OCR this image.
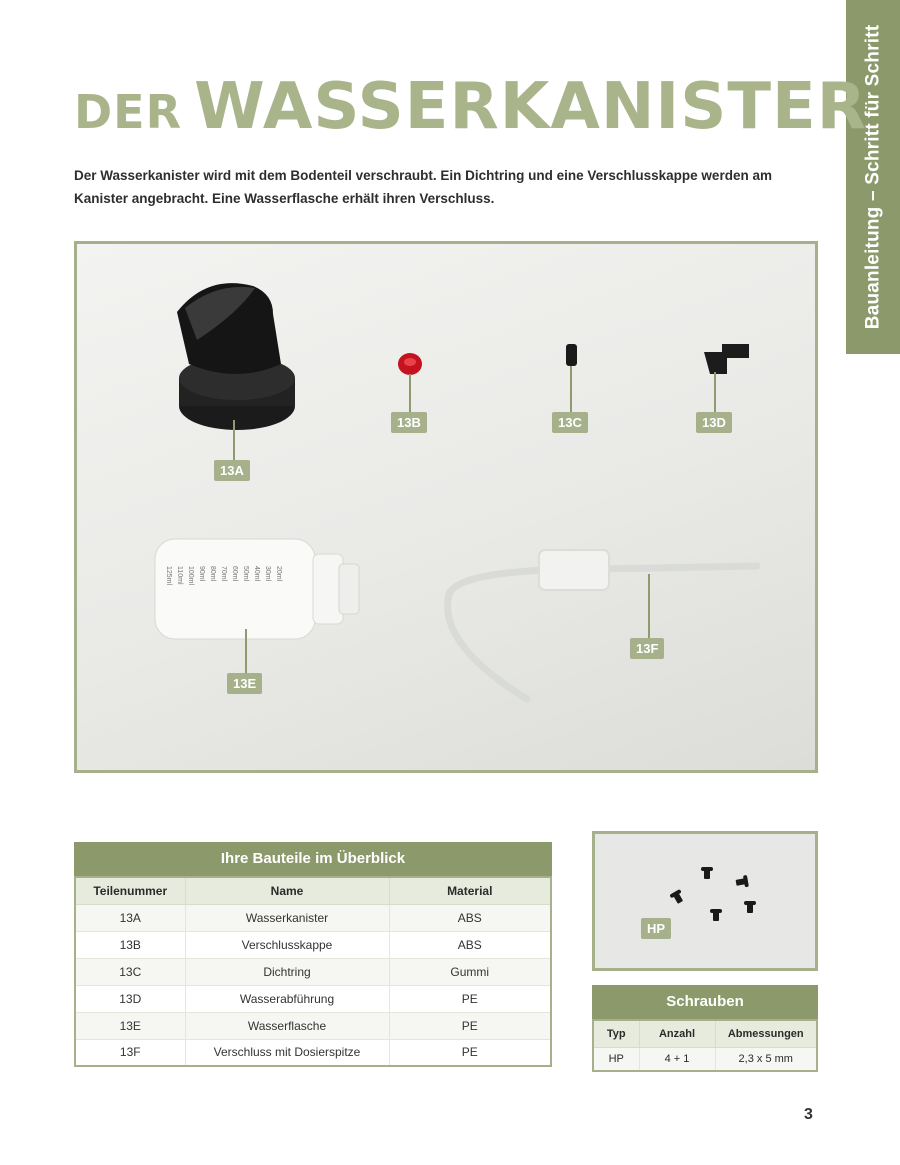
Bauanleitung – Schritt für Schritt
DER WASSERKANISTER

Der Wasserkanister wird mit dem Bodenteil verschraubt. Ein Dichtring und eine Verschlusskappe werden am Kanister angebracht. Eine Wasserflasche erhält ihren Verschluss.

125ml 110ml 100ml 90ml 80ml 70ml 60ml 50ml 40ml 30ml 20ml
13A
13B	13C	13D
13E
13F
Ihre Bauteile im Überblick
Teilenummer	Name	Material
13A	Wasserkanister	ABS
13B	Verschlusskappe	ABS
13C	Dichtring	Gummi
13D	Wasserabführung	PE
13E	Wasserflasche	PE
13F	Verschluss mit Dosierspitze	PE
HP
Schrauben
Typ	Anzahl	Abmessungen
HP	4 + 1	2,3 x 5 mm
3
